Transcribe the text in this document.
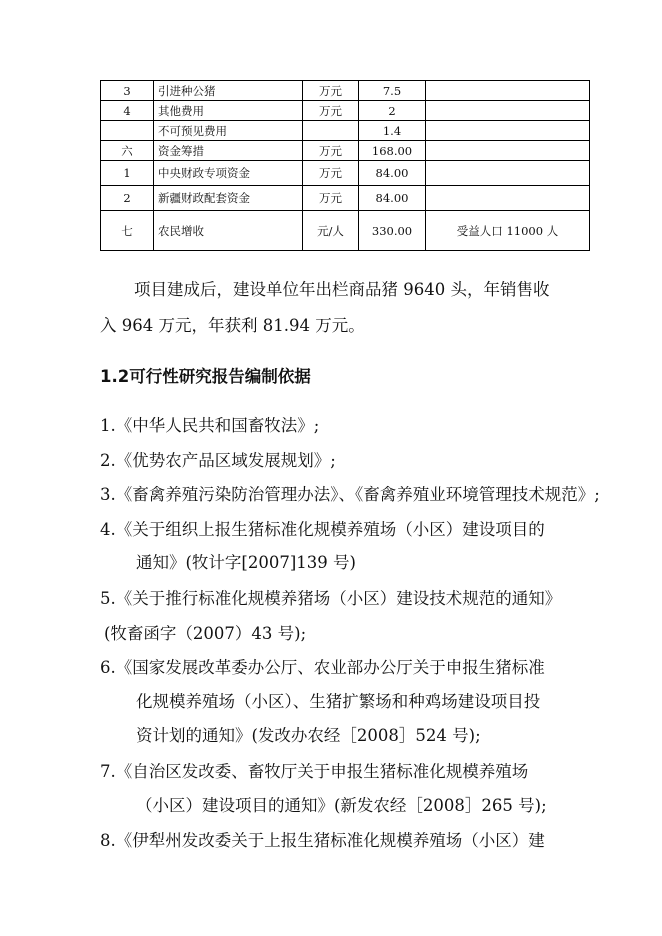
3	引进种公猪	万元	7.5	
4	其他费用	万元	2	
	不可预见费用		1.4	
六	资金筹措	万元	168.00	
1	中央财政专项资金	万元	84.00	
2	新疆财政配套资金	万元	84.00	
七	农民增收	元/人	330.00	受益人口 11000 人
项目建成后，建设单位年出栏商品猪 9640 头，年销售收
入 964 万元，年获利 81.94 万元。

1.2可行性研究报告编制依据

1.《中华人民共和国畜牧法》;

2.《优势农产品区域发展规划》;

3.《畜禽养殖污染防治管理办法》、《畜禽养殖业环境管理技术规范》;

4.《关于组织上报生猪标准化规模养殖场（小区）建设项目的

通知》(牧计字[2007]139 号)

5.《关于推行标准化规模养猪场（小区）建设技术规范的通知》

(牧畜函字（2007）43 号);

6.《国家发展改革委办公厅、农业部办公厅关于申报生猪标准

化规模养殖场（小区）、生猪扩繁场和种鸡场建设项目投

资计划的通知》(发改办农经［2008］524 号);

7.《自治区发改委、畜牧厅关于申报生猪标准化规模养殖场

（小区）建设项目的通知》(新发农经［2008］265 号);

8.《伊犁州发改委关于上报生猪标准化规模养殖场（小区）建
